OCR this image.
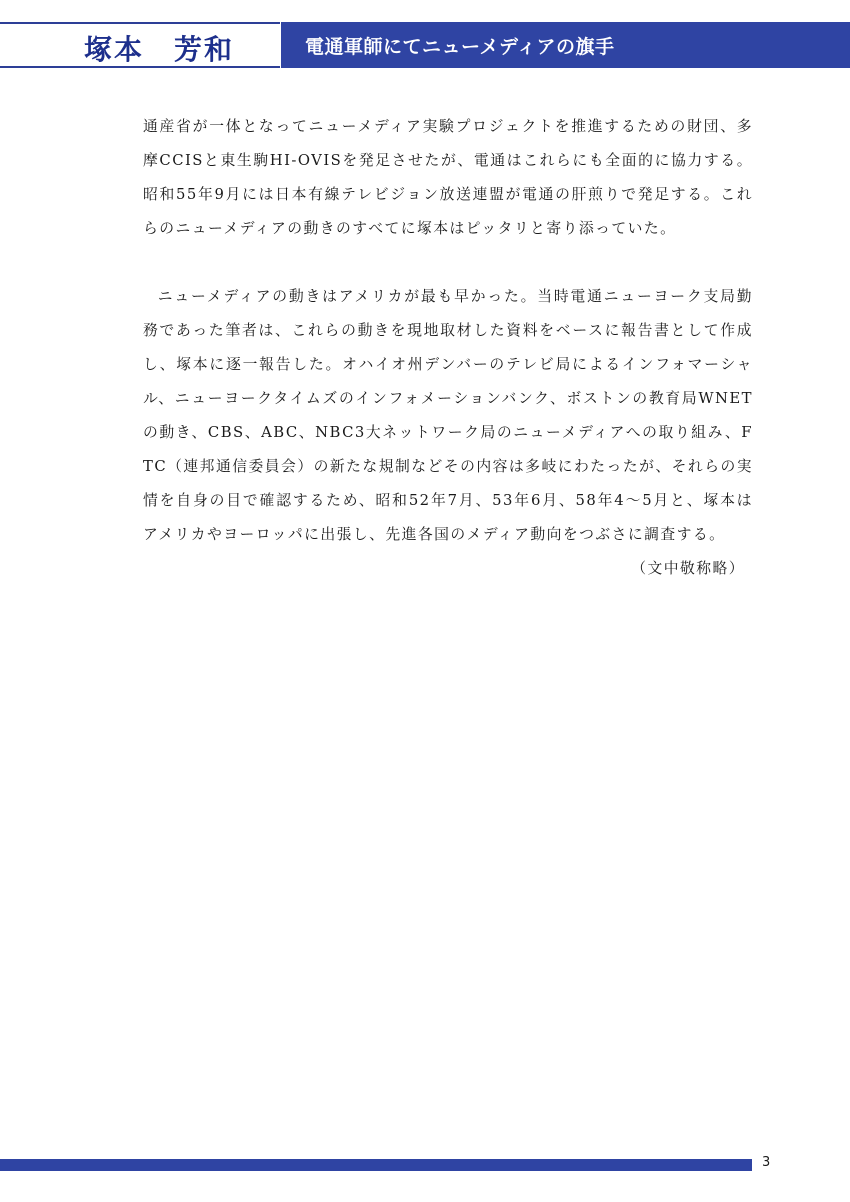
塚本　芳和	電通軍師にてニューメディアの旗手

通産省が一体となってニューメディア実験プロジェクトを推進するための財団、多摩CCISと東生駒HI-OVISを発足させたが、電通はこれらにも全面的に協力する。昭和55年9月には日本有線テレビジョン放送連盟が電通の肝煎りで発足する。これらのニューメディアの動きのすべてに塚本はピッタリと寄り添っていた。

ニューメディアの動きはアメリカが最も早かった。当時電通ニューヨーク支局勤務であった筆者は、これらの動きを現地取材した資料をベースに報告書として作成し、塚本に逐一報告した。オハイオ州デンバーのテレビ局によるインフォマーシャル、ニューヨークタイムズのインフォメーションバンク、ボストンの教育局WNETの動き、CBS、ABC、NBC3大ネットワーク局のニューメディアへの取り組み、FTC（連邦通信委員会）の新たな規制などその内容は多岐にわたったが、それらの実情を自身の目で確認するため、昭和52年7月、53年6月、58年4～5月と、塚本はアメリカやヨーロッパに出張し、先進各国のメディア動向をつぶさに調査する。

（文中敬称略）
3
